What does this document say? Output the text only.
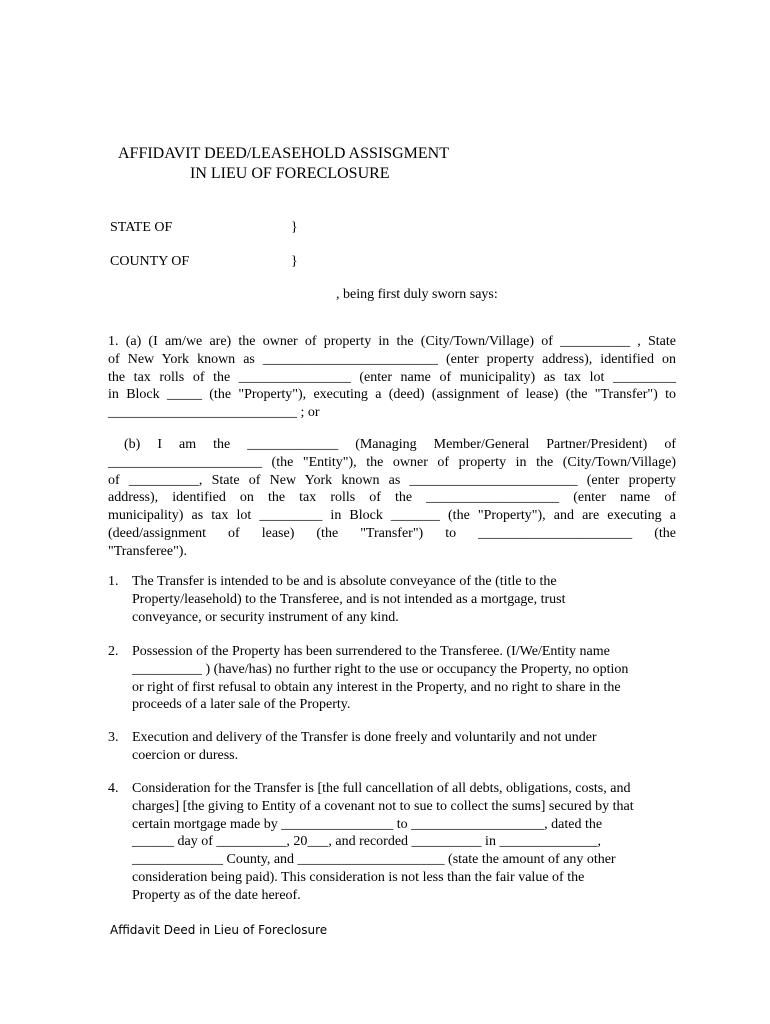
AFFIDAVIT DEED/LEASEHOLD ASSISGMENT
IN LIEU OF FORECLOSURE
STATE OF	}
COUNTY OF	}
, being first duly sworn says:
1. (a) (I am/we are) the owner of property in the (City/Town/Village) of __________ , State
of New York known as _________________________ (enter property address), identified on
the tax rolls of the ________________ (enter name of municipality) as tax lot _________
in Block _____ (the "Property"), executing a (deed) (assignment of lease) (the "Transfer") to
___________________________ ; or
(b) I am the _____________ (Managing Member/General Partner/President) of
______________________ (the "Entity"), the owner of property in the (City/Town/Village)
of __________, State of New York known as ________________________ (enter property
address), identified on the tax rolls of the ___________________ (enter name of
municipality) as tax lot _________ in Block _______ (the "Property"), and are executing a
(deed/assignment of lease) (the "Transfer") to ______________________ (the
"Transferee").
1. The Transfer is intended to be and is absolute conveyance of the (title to the
Property/leasehold) to the Transferee, and is not intended as a mortgage, trust
conveyance, or security instrument of any kind.
2. Possession of the Property has been surrendered to the Transferee. (I/We/Entity name
__________ ) (have/has) no further right to the use or occupancy the Property, no option
or right of first refusal to obtain any interest in the Property, and no right to share in the
proceeds of a later sale of the Property.
3. Execution and delivery of the Transfer is done freely and voluntarily and not under
coercion or duress.
4. Consideration for the Transfer is [the full cancellation of all debts, obligations, costs, and
charges] [the giving to Entity of a covenant not to sue to collect the sums] secured by that
certain mortgage made by ________________ to ___________________, dated the
______ day of __________, 20___, and recorded __________ in ______________,
_____________ County, and _____________________ (state the amount of any other
consideration being paid). This consideration is not less than the fair value of the
Property as of the date hereof.
Affidavit Deed in Lieu of Foreclosure
